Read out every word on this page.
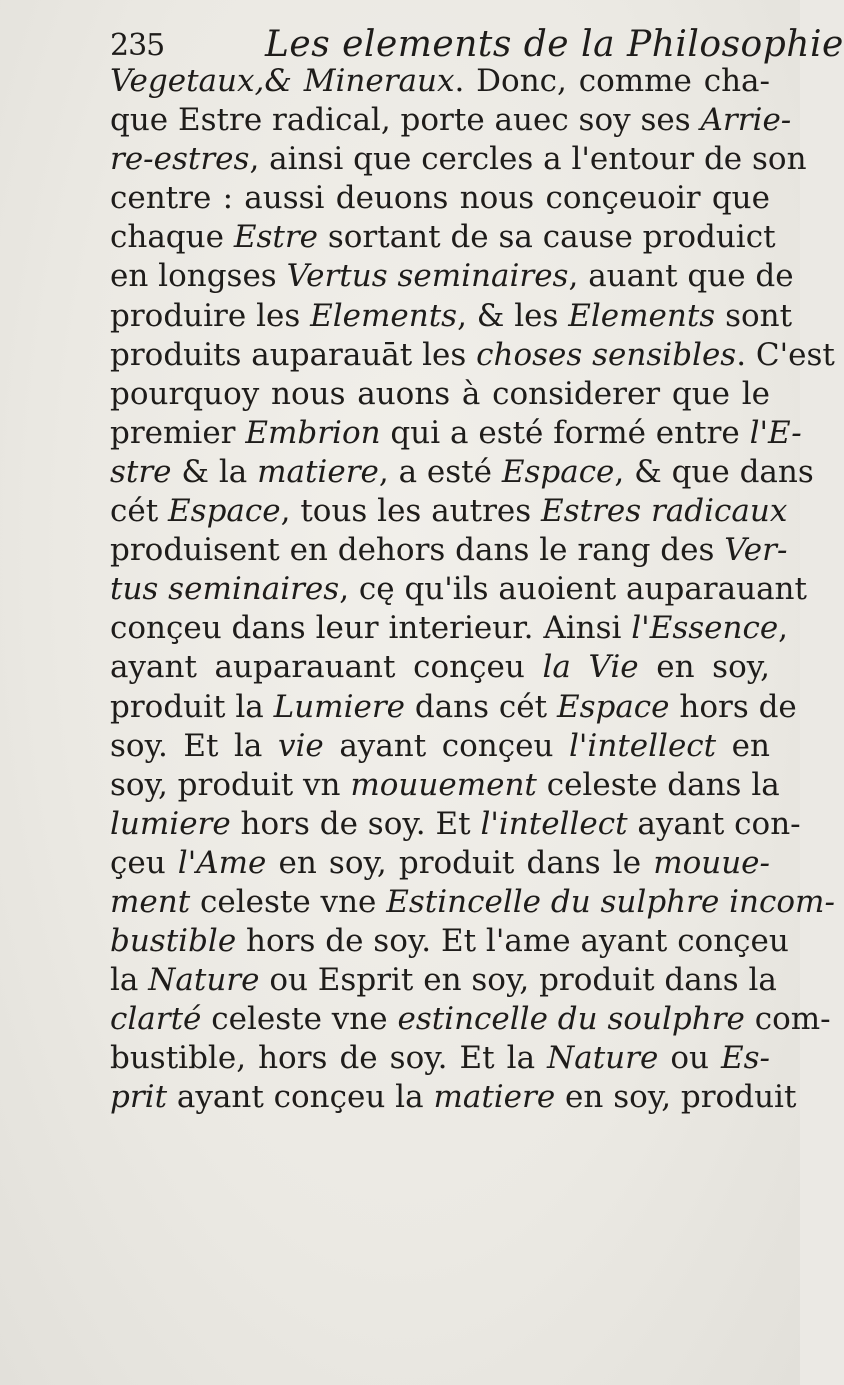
235	Les elements de la Philosophie
Vegetaux,& Mineraux. Donc, comme cha-
que Estre radical, porte auec soy ses Arrie-
re-estres, ainsi que cercles a l'entour de son
centre : aussi deuons nous conçeuoir que
chaque Estre sortant de sa cause produict
en longses Vertus seminaires, auant que de
produire les Elements, & les Elements sont
produits auparauāt les choses sensibles. C'est
pourquoy nous auons à considerer que le
premier Embrion qui a esté formé entre l'E-
stre & la matiere, a esté Espace, & que dans
cét Espace, tous les autres Estres radicaux
produisent en dehors dans le rang des Ver-
tus seminaires, cę qu'ils auoient auparauant
conçeu dans leur interieur. Ainsi l'Essence,
ayant auparauant conçeu la Vie en soy,
produit la Lumiere dans cét Espace hors de
soy. Et la vie ayant conçeu l'intellect en
soy, produit vn mouuement celeste dans la
lumiere hors de soy. Et l'intellect ayant con-
çeu l'Ame en soy, produit dans le mouue-
ment celeste vne Estincelle du sulphre incom-
bustible hors de soy. Et l'ame ayant conçeu
la Nature ou Esprit en soy, produit dans la
clarté celeste vne estincelle du soulphre com-
bustible, hors de soy. Et la Nature ou Es-
prit ayant conçeu la matiere en soy, produit
